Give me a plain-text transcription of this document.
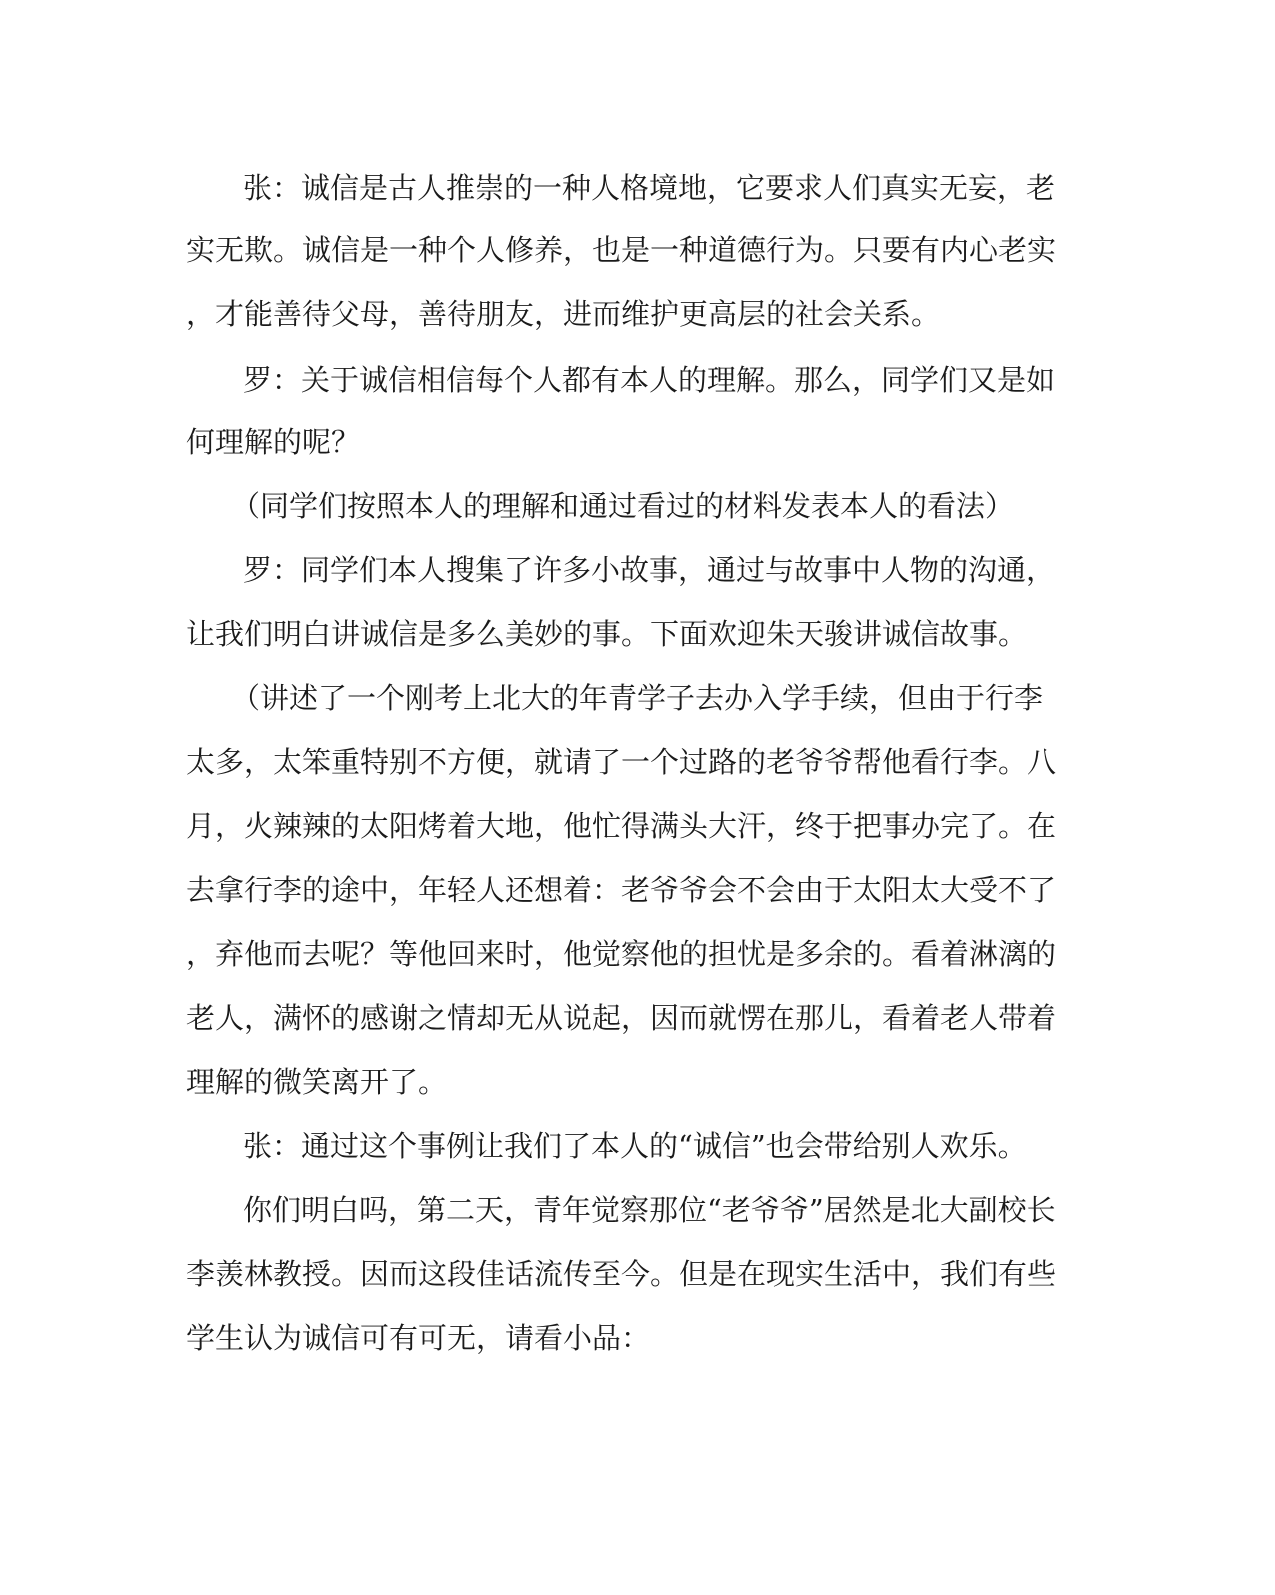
张：诚信是古人推崇的一种人格境地，它要求人们真实无妄，老
实无欺。诚信是一种个人修养，也是一种道德行为。只要有内心老实
，才能善待父母，善待朋友，进而维护更高层的社会关系。
罗：关于诚信相信每个人都有本人的理解。那么，同学们又是如
何理解的呢？
（同学们按照本人的理解和通过看过的材料发表本人的看法）
罗：同学们本人搜集了许多小故事，通过与故事中人物的沟通，
让我们明白讲诚信是多么美妙的事。下面欢迎朱天骏讲诚信故事。
（讲述了一个刚考上北大的年青学子去办入学手续，但由于行李
太多，太笨重特别不方便，就请了一个过路的老爷爷帮他看行李。八
月，火辣辣的太阳烤着大地，他忙得满头大汗，终于把事办完了。在
去拿行李的途中，年轻人还想着：老爷爷会不会由于太阳太大受不了
，弃他而去呢？等他回来时，他觉察他的担忧是多余的。看着淋漓的
老人，满怀的感谢之情却无从说起，因而就愣在那儿，看着老人带着
理解的微笑离开了。
张：通过这个事例让我们了本人的“诚信”也会带给别人欢乐。
你们明白吗，第二天，青年觉察那位“老爷爷”居然是北大副校长
李羡林教授。因而这段佳话流传至今。但是在现实生活中，我们有些
学生认为诚信可有可无，请看小品：
